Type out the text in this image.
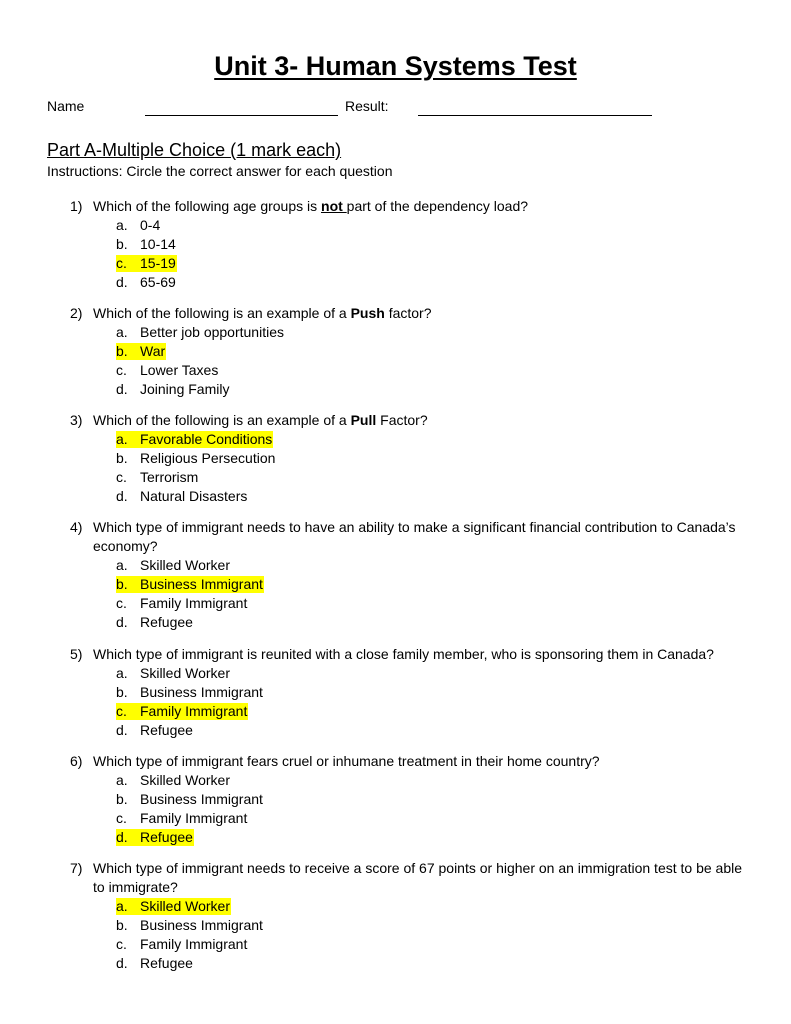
Unit 3- Human Systems Test
Name	Result:
Part A-Multiple Choice (1 mark each)
Instructions: Circle the correct answer for each question
1) Which of the following age groups is not part of the dependency load?
a. 0-4
b. 10-14
c. 15-19
d. 65-69
2) Which of the following is an example of a Push factor?
a. Better job opportunities
b. War
c. Lower Taxes
d. Joining Family
3) Which of the following is an example of a Pull Factor?
a. Favorable Conditions
b. Religious Persecution
c. Terrorism
d. Natural Disasters
4) Which type of immigrant needs to have an ability to make a significant financial contribution to Canada’s economy?
a. Skilled Worker
b. Business Immigrant
c. Family Immigrant
d. Refugee
5) Which type of immigrant is reunited with a close family member, who is sponsoring them in Canada?
a. Skilled Worker
b. Business Immigrant
c. Family Immigrant
d. Refugee
6) Which type of immigrant fears cruel or inhumane treatment in their home country?
a. Skilled Worker
b. Business Immigrant
c. Family Immigrant
d. Refugee
7) Which type of immigrant needs to receive a score of 67 points or higher on an immigration test to be able to immigrate?
a. Skilled Worker
b. Business Immigrant
c. Family Immigrant
d. Refugee
